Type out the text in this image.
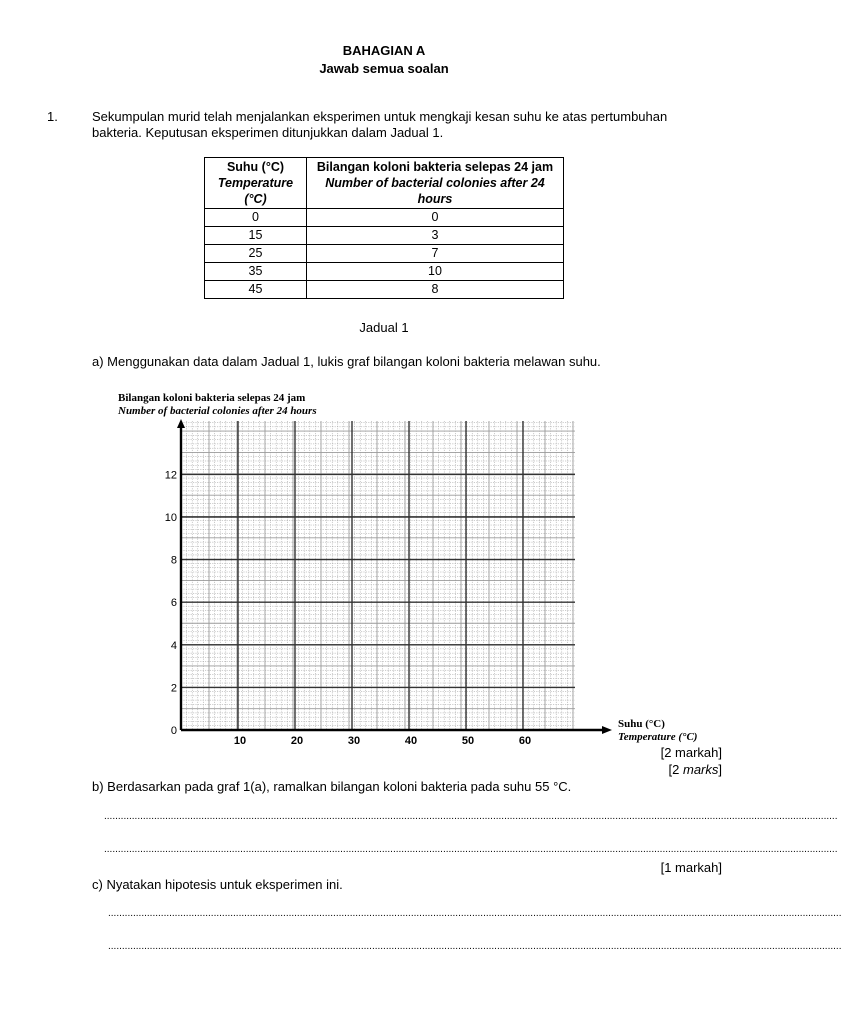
BAHAGIAN A
Jawab semua soalan
1.	Sekumpulan murid telah menjalankan eksperimen untuk mengkaji kesan suhu ke atas pertumbuhan
bakteria. Keputusan eksperimen ditunjukkan dalam Jadual 1.
Suhu (°C)
Temperature
(°C)	Bilangan koloni bakteria selepas 24 jam
Number of bacterial colonies after 24
hours

0	0
15	3
25	7
35	10
45	8
Jadual 1
a) Menggunakan data dalam Jadual 1, lukis graf bilangan koloni bakteria melawan suhu.
Bilangan koloni bakteria selepas 24 jam
Number of bacterial colonies after 24 hours
0
2
4
6
8
10
12
10	20	30	40	50	60
Suhu (°C)
Temperature (°C)
[2 markah]
[2 marks]
b) Berdasarkan pada graf 1(a), ramalkan bilangan koloni bakteria pada suhu 55 °C.
........................................................................................................................................................................................................................................................................
........................................................................................................................................................................................................................................................................
[1 markah]
c) Nyatakan hipotesis untuk eksperimen ini.
........................................................................................................................................................................................................................................................................
........................................................................................................................................................................................................................................................................
